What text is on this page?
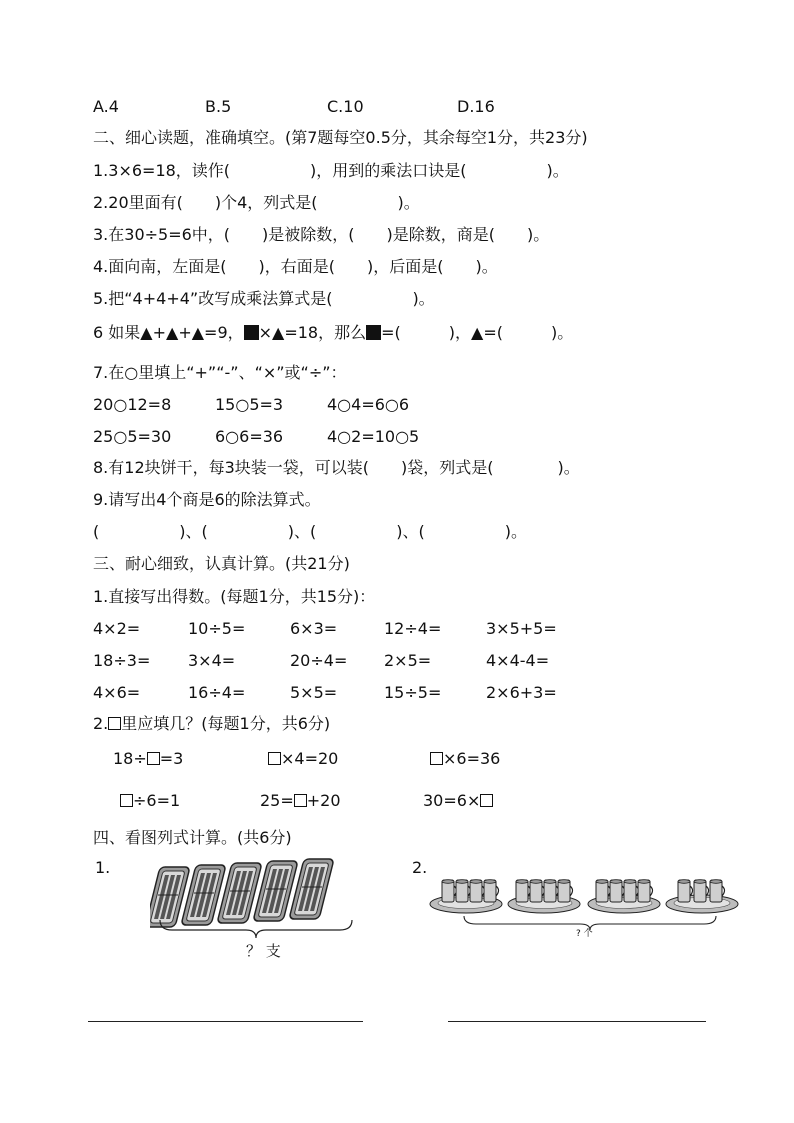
A.4	B.5	C.10	D.16
二、细心读题，准确填空。(第7题每空0.5分，其余每空1分，共23分)
1.3×6=18，读作(　　　　　)，用到的乘法口诀是(　　　　　)。
2.20里面有(　　)个4，列式是(　　　　　)。
3.在30÷5=6中，(　　)是被除数，(　　)是除数，商是(　　)。
4.面向南，左面是(　　)，右面是(　　)，后面是(　　)。
5.把“4+4+4”改写成乘法算式是(　　　　　)。
6 如果▲+▲+▲=9， ×▲=18，那么 =(　　　)，▲=(　　　)。
7.在○里填上“+”“-”、“×”或“÷”：
20○12=8	15○5=3	4○4=6○6
25○5=30	6○6=36	4○2=10○5
8.有12块饼干，每3块装一袋，可以装(　　)袋，列式是(　　　　)。
9.请写出4个商是6的除法算式。
(　　　　　)、(　　　　　)、(　　　　　)、(　　　　　)。
三、耐心细致，认真计算。(共21分)
1.直接写出得数。(每题1分，共15分)：
4×2=	10÷5=	6×3=	12÷4=	3×5+5=
18÷3= 3×4=	20÷4= 2×5=	4×4-4=
4×6=	16÷4=	5×5=	15÷5=	2×6+3=
2. 里应填几？(每题1分，共6分)
18÷ =3	×4=20	×6=36
÷6=1	25= +20	30=6×
四、看图列式计算。(共6分)
1.	2.
？ 支
? 个
